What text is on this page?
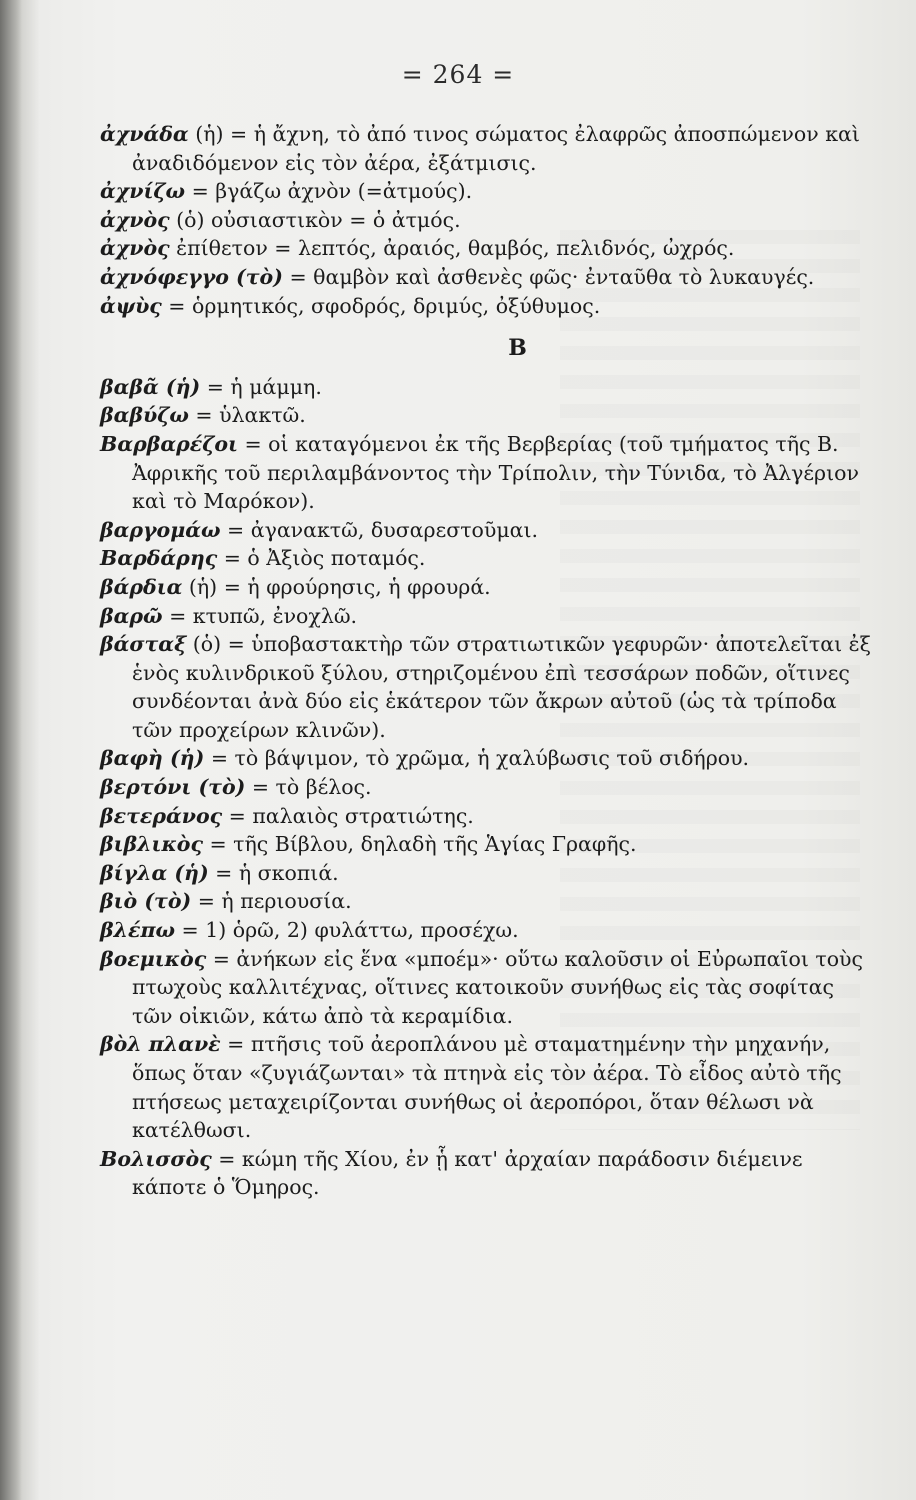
= 264 =

ἀχνάδα (ἡ) = ἡ ἄχνη, τὸ ἀπό τινος σώματος ἐλαφρῶς ἀποσπώμενον καὶ ἀναδιδόμενον εἰς τὸν ἀέρα, ἐξάτμισις.

ἀχνίζω = βγάζω ἀχνὸν (=ἀτμούς).

ἀχνὸς (ὁ) οὐσιαστικὸν = ὁ ἀτμός.

ἀχνὸς ἐπίθετον = λεπτός, ἀραιός, θαμβός, πελιδνός, ὠχρός.

ἀχνόφεγγο (τὸ) = θαμβὸν καὶ ἀσθενὲς φῶς· ἐνταῦθα τὸ λυκαυγές.

ἀψὺς = ὁρμητικός, σφοδρός, δριμύς, ὀξύθυμος.

Β

βαβᾶ (ἡ) = ἡ μάμμη.

βαβύζω = ὑλακτῶ.

Βαρβαρέζοι = οἱ καταγόμενοι ἐκ τῆς Βερβερίας (τοῦ τμήματος τῆς Β. Ἀφρικῆς τοῦ περιλαμβάνοντος τὴν Τρίπολιν, τὴν Τύνιδα, τὸ Ἀλγέριον καὶ τὸ Μαρόκον).

βαργομάω = ἀγανακτῶ, δυσαρεστοῦμαι.

Βαρδάρης = ὁ Ἀξιὸς ποταμός.

βάρδια (ἡ) = ἡ φρούρησις, ἡ φρουρά.

βαρῶ = κτυπῶ, ἐνοχλῶ.

βάσταξ (ὁ) = ὑποβαστακτὴρ τῶν στρατιωτικῶν γεφυρῶν· ἀποτελεῖται ἐξ ἑνὸς κυλινδρικοῦ ξύλου, στηριζομένου ἐπὶ τεσσάρων ποδῶν, οἵτινες συνδέονται ἀνὰ δύο εἰς ἑκάτερον τῶν ἄκρων αὐτοῦ (ὡς τὰ τρίποδα τῶν προχείρων κλινῶν).

βαφὴ (ἡ) = τὸ βάψιμον, τὸ χρῶμα, ἡ χαλύβωσις τοῦ σιδήρου.

βερτόνι (τὸ) = τὸ βέλος.

βετεράνος = παλαιὸς στρατιώτης.

βιβλικὸς = τῆς Βίβλου, δηλαδὴ τῆς Ἁγίας Γραφῆς.

βίγλα (ἡ) = ἡ σκοπιά.

βιὸ (τὸ) = ἡ περιουσία.

βλέπω = 1) ὁρῶ, 2) φυλάττω, προσέχω.

βοεμικὸς = ἀνήκων εἰς ἕνα «μποέμ»· οὕτω καλοῦσιν οἱ Εὐρωπαῖοι τοὺς πτωχοὺς καλλιτέχνας, οἵτινες κατοικοῦν συνήθως εἰς τὰς σοφίτας τῶν οἰκιῶν, κάτω ἀπὸ τὰ κεραμίδια.

βὸλ πλανὲ = πτῆσις τοῦ ἀεροπλάνου μὲ σταματημένην τὴν μηχανήν, ὅπως ὅταν «ζυγιάζωνται» τὰ πτηνὰ εἰς τὸν ἀέρα. Τὸ εἶδος αὐτὸ τῆς πτήσεως μεταχειρίζονται συνήθως οἱ ἀεροπόροι, ὅταν θέλωσι νὰ κατέλθωσι.

Βολισσὸς = κώμη τῆς Χίου, ἐν ᾗ κατ' ἀρχαίαν παράδοσιν διέμεινε κάποτε ὁ Ὅμηρος.
